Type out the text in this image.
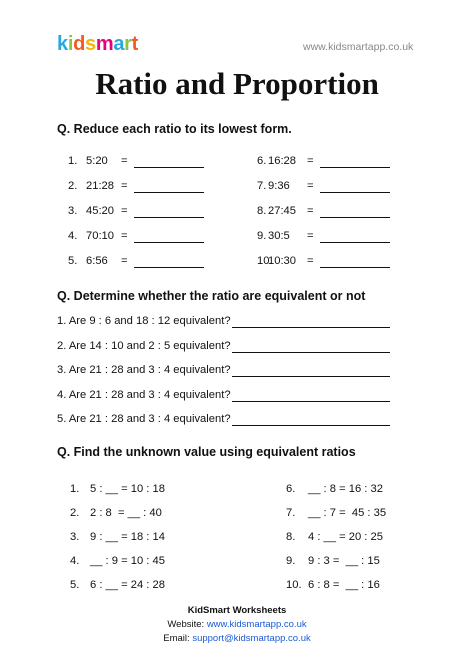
kidsmart	www.kidsmartapp.co.uk
Ratio and Proportion
Q. Reduce each ratio to its lowest form.
1. 5:20 =
2. 21:28 =
3. 45:20 =
4. 70:10 =
5. 6:56 =
6. 16:28 =
7. 9:36 =
8. 27:45 =
9. 30:5 =
10.
10:30 =
Q. Determine whether the ratio are equivalent or not
1. Are 9 : 6 and 18 : 12 equivalent?
2. Are 14 : 10 and 2 : 5 equivalent?
3. Are 21 : 28 and 3 : 4 equivalent?
4. Are 21 : 28 and 3 : 4 equivalent?
5. Are 21 : 28 and 3 : 4 equivalent?
Q. Find the unknown value using equivalent ratios
1. 5 : __ = 10 : 18
2. 2 : 8  = __ : 40
3. 9 : __ = 18 : 14
4. __ : 9 = 10 : 45
5. 6 : __ = 24 : 28
6. __ : 8 = 16 : 32
7. __ : 7 =  45 : 35
8. 4 : __ = 20 : 25
9. 9 : 3 =  __ : 15
10. 6 : 8 =  __ : 16
KidSmart Worksheets
Website: www.kidsmartapp.co.uk
Email: support@kidsmartapp.co.uk
